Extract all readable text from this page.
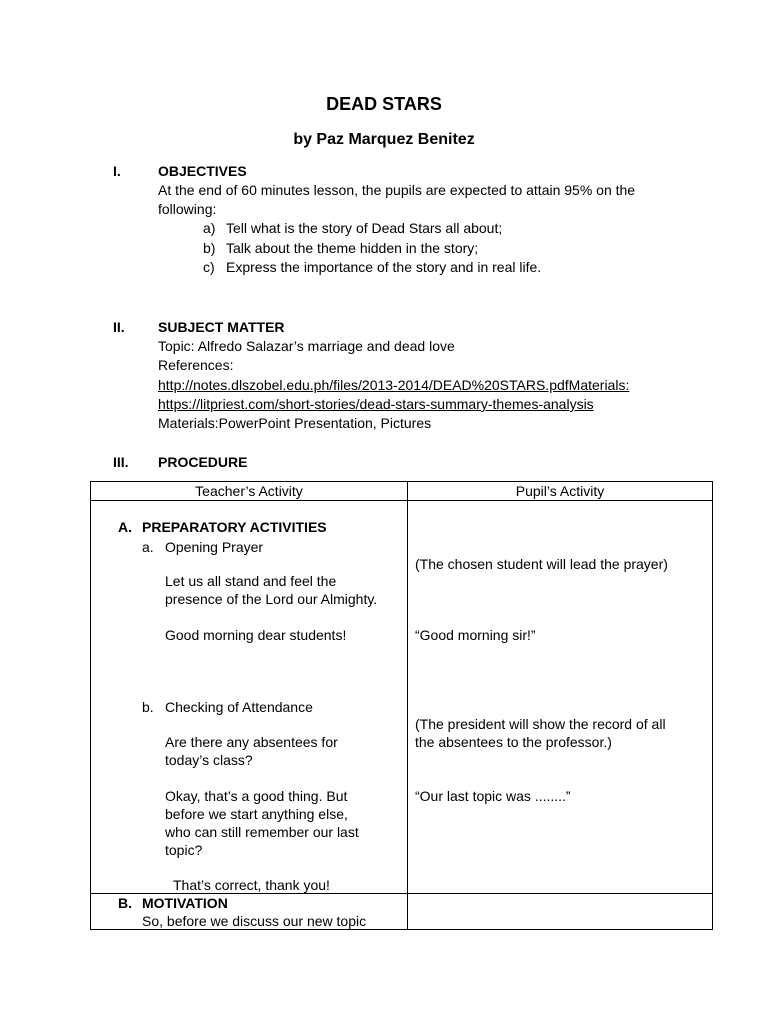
DEAD STARS
by Paz Marquez Benitez
I.	OBJECTIVES
At the end of 60 minutes lesson, the pupils are expected to attain 95% on the
following:
a) Tell what is the story of Dead Stars all about;
b) Talk about the theme hidden in the story;
c) Express the importance of the story and in real life.
II. SUBJECT MATTER
Topic: Alfredo Salazar’s marriage and dead love
References:
http://notes.dlszobel.edu.ph/files/2013-2014/DEAD%20STARS.pdfMaterials:
https://litpriest.com/short-stories/dead-stars-summary-themes-analysis
Materials:PowerPoint Presentation, Pictures
III. PROCEDURE
Teacher’s Activity	Pupil’s Activity
A. PREPARATORY ACTIVITIES
a. Opening Prayer
Let us all stand and feel the
presence of the Lord our Almighty.
Good morning dear students!
b. Checking of Attendance
Are there any absentees for
today’s class?
Okay, that’s a good thing. But
before we start anything else,
who can still remember our last
topic?
That’s correct, thank you!
(The chosen student will lead the prayer)
“Good morning sir!”
(The president will show the record of all
the absentees to the professor.)
“Our last topic was ........”
B. MOTIVATION
So, before we discuss our new topic
